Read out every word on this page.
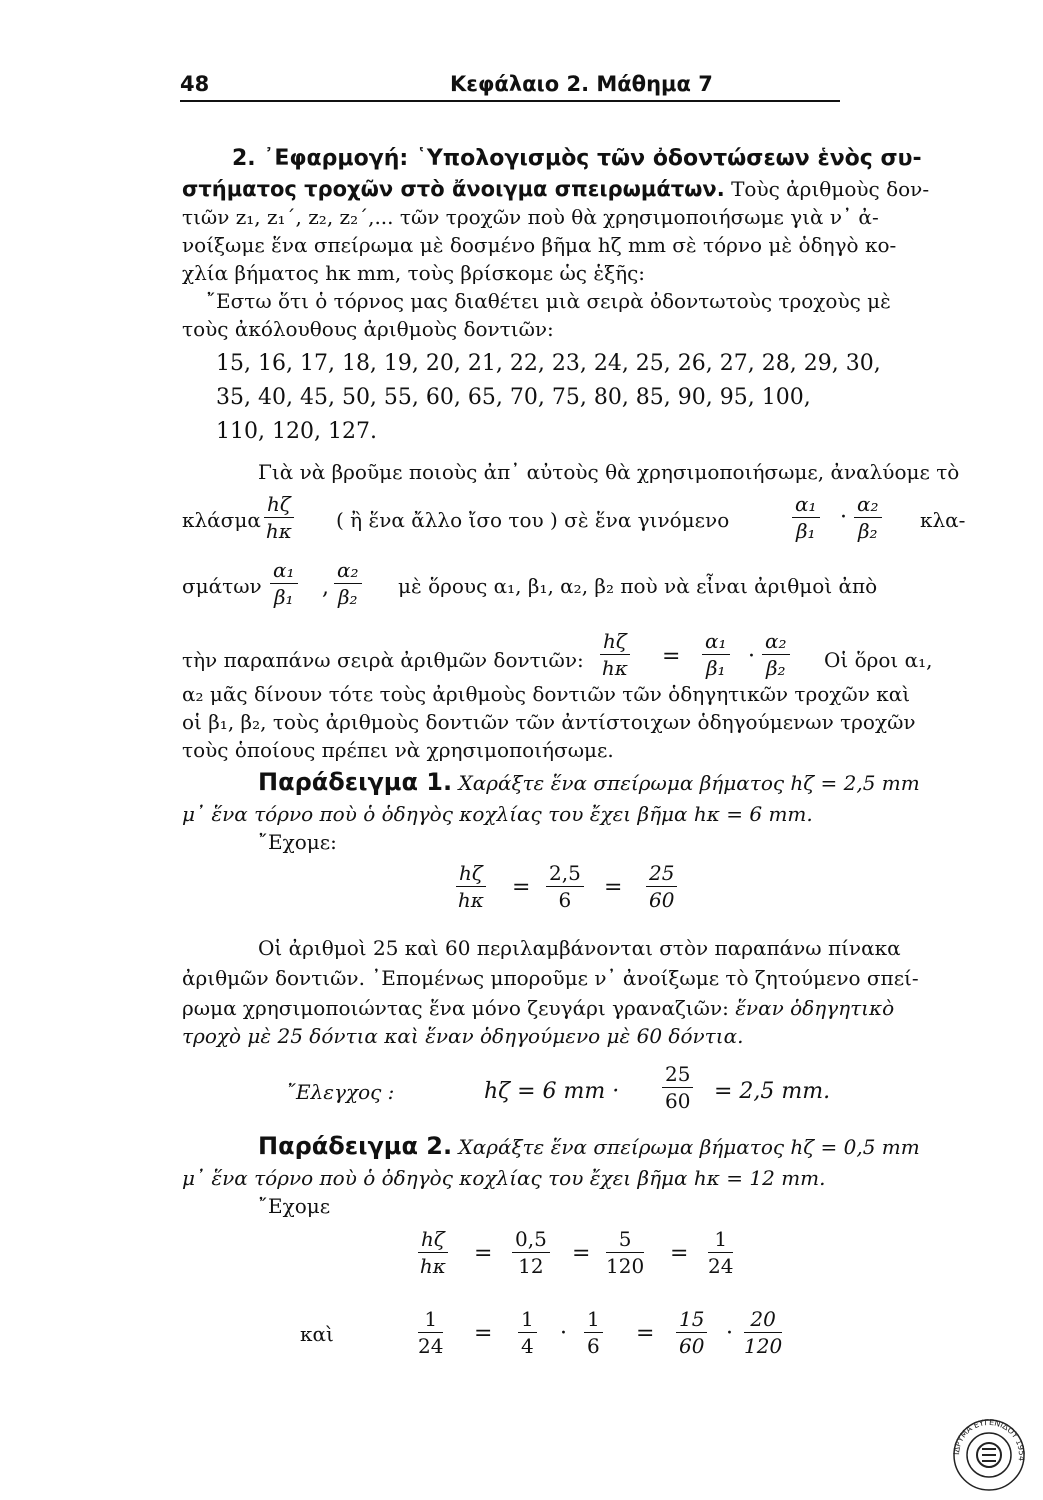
48	Κεφάλαιο 2. Μάθημα 7
2. ᾽Εφαρμογή: ῾Υπολογισμὸς τῶν ὀδοντώσεων ἑνὸς συ-
στήματος τροχῶν στὸ ἄνοιγμα σπειρωμάτων. Τοὺς ἀριθμοὺς δον-
τιῶν z₁, z₁΄, z₂, z₂΄,... τῶν τροχῶν ποὺ θὰ χρησιμοποιήσωμε γιὰ ν᾽ ἀ-
νοίξωμε ἕνα σπείρωμα μὲ δοσμένο βῆμα hζ mm σὲ τόρνο μὲ ὁδηγὸ κο-
χλία βήματος hκ mm, τοὺς βρίσκομε ὡς ἑξῆς:
῎Εστω ὅτι ὁ τόρνος μας διαθέτει μιὰ σειρὰ ὀδοντωτοὺς τροχοὺς μὲ
τοὺς ἀκόλουθους ἀριθμοὺς δοντιῶν:
15, 16, 17, 18, 19, 20, 21, 22, 23, 24, 25, 26, 27, 28, 29, 30,
35, 40, 45, 50, 55, 60, 65, 70, 75, 80, 85, 90, 95, 100,
110, 120, 127.
Γιὰ νὰ βροῦμε ποιοὺς ἀπ᾽ αὐτοὺς θὰ χρησιμοποιήσωμε, ἀναλύομε τὸ
κλάσμα $\frac{h\zeta}{h\kappa}$ ( ἢ ἕνα ἄλλο ἴσο του ) σὲ ἕνα γινόμενο	$\frac{\text{α₁}}{\text{β₁}} \cdot \frac{\text{α₂}}{\text{β₂}} \kappa\lambda\alpha-$
σμάτων $\frac{\text{α₁}}{\text{β₁}}$ , $\frac{\text{α₂}}{\text{β₂}}$ μὲ ὅρους α₁, β₁, α₂, β₂ ποὺ νὰ εἶναι ἀριθμοὶ ἀπὸ
τὴν παραπάνω σειρὰ ἀριθμῶν δοντιῶν: $\frac{h\zeta}{h\kappa} = \frac{\text{α₁}}{\text{β₁}} \cdot \frac{\text{α₂}}{\text{β₂}}$ Οἱ ὅροι α₁,
α₂ μᾶς δίνουν τότε τοὺς ἀριθμοὺς δοντιῶν τῶν ὁδηγητικῶν τροχῶν καὶ
οἱ β₁, β₂, τοὺς ἀριθμοὺς δοντιῶν τῶν ἀντίστοιχων ὁδηγούμενων τροχῶν
τοὺς ὁποίους πρέπει νὰ χρησιμοποιήσωμε.
Παράδειγμα 1. Χαράξτε ἕνα σπείρωμα βήματος hζ = 2,5 mm
μ᾽ ἕνα τόρνο ποὺ ὁ ὁδηγὸς κοχλίας του ἔχει βῆμα hκ = 6 mm.
῎Εχομε:
$\frac{h\zeta}{h\kappa} = \frac{2,5}{6} = \frac{25}{60}$
Οἱ ἀριθμοὶ 25 καὶ 60 περιλαμβάνονται στὸν παραπάνω πίνακα
ἀριθμῶν δοντιῶν. ᾽Επομένως μποροῦμε ν᾽ ἀνοίξωμε τὸ ζητούμενο σπεί-
ρωμα χρησιμοποιώντας ἕνα μόνο ζευγάρι γραναζιῶν: ἕναν ὁδηγητικὸ
τροχὸ μὲ 25 δόντια καὶ ἕναν ὁδηγούμενο μὲ 60 δόντια.
῎Ελεγχος :	hζ = 6 mm · $\frac{25}{60} = 2,5$ mm.
Παράδειγμα 2. Χαράξτε ἕνα σπείρωμα βήματος hζ = 0,5 mm
μ᾽ ἕνα τόρνο ποὺ ὁ ὁδηγὸς κοχλίας του ἔχει βῆμα hκ = 12 mm.
῎Εχομε
$\frac{h\zeta}{h\kappa} = \frac{0,5}{12} = \frac{5}{120} = \frac{1}{24}$
καὶ	$\frac{1}{24} = \frac{1}{4} \cdot \frac{1}{6} = \frac{15}{60} \cdot \frac{20}{120}$
ΙΔΡΥΜΑ ΕΥΓΕΝΙΔΟΥ 1954
